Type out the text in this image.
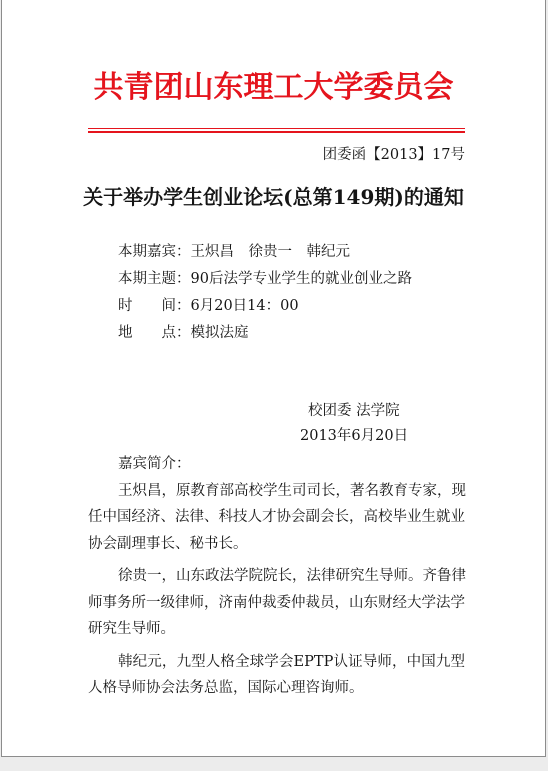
共青团山东理工大学委员会
团委函【2013】17号
关于举办学生创业论坛(总第149期)的通知
本期嘉宾：王炽昌　徐贵一　韩纪元
本期主题：90后法学专业学生的就业创业之路
时　　间：6月20日14：00
地　　点：模拟法庭
校团委 法学院
2013年6月20日
嘉宾简介：
王炽昌，原教育部高校学生司司长，著名教育专家，现
任中国经济、法律、科技人才协会副会长，高校毕业生就业
协会副理事长、秘书长。
徐贵一，山东政法学院院长，法律研究生导师。齐鲁律
师事务所一级律师，济南仲裁委仲裁员，山东财经大学法学
研究生导师。
韩纪元，九型人格全球学会EPTP认证导师，中国九型
人格导师协会法务总监，国际心理咨询师。
